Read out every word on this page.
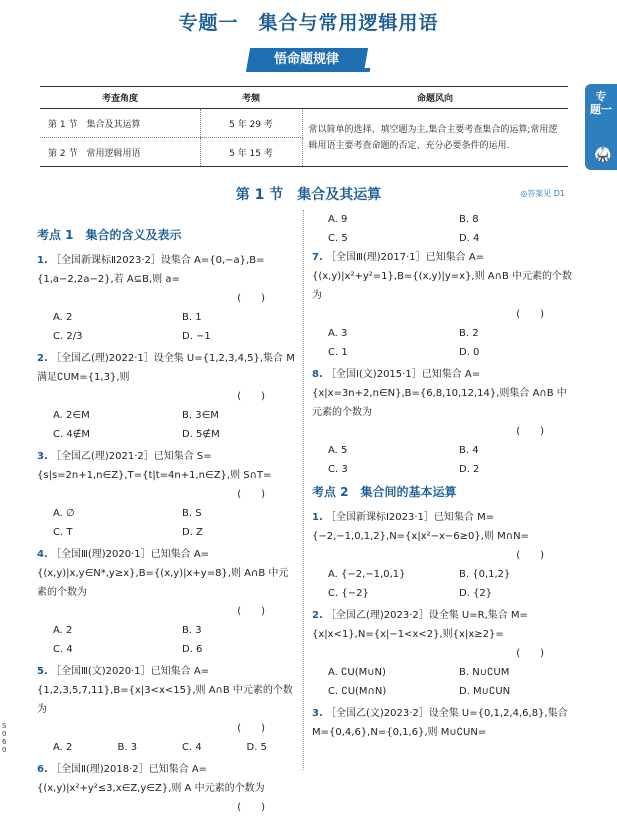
专题一　集合与常用逻辑用语
悟命题规律
专
题一
🥋
考查角度	考频	命题风向
第 1 节　集合及其运算	5 年 29 考	常以简单的选择、填空题为主,集合主要考查集合的运算;常用逻辑用语主要考查命题的否定、充分必要条件的运用.
第 2 节　常用逻辑用语	5 年 15 考	
第 1 节　集合及其运算	◎答案见 D1
考点 1　集合的含义及表示
1. ［全国新课标Ⅱ2023·2］设集合 A={0,−a},B={1,a−2,2a−2},若 A⊆B,则 a=
(　　)
A. 2	B. 1
C. 2/3	D. −1
2. ［全国乙(理)2022·1］设全集 U={1,2,3,4,5},集合 M 满足∁UM={1,3},则
(　　)
A. 2∈M	B. 3∈M
C. 4∉M	D. 5∉M
3. ［全国乙(理)2021·2］已知集合 S={s|s=2n+1,n∈Z},T={t|t=4n+1,n∈Z},则 S∩T=
(　　)
A. ∅	B. S
C. T	D. Z
4. ［全国Ⅲ(理)2020·1］已知集合 A={(x,y)|x,y∈N*,y≥x},B={(x,y)|x+y=8},则 A∩B 中元素的个数为
(　　)
A. 2	B. 3
C. 4	D. 6
5. ［全国Ⅲ(文)2020·1］已知集合 A={1,2,3,5,7,11},B={x|3<x<15},则 A∩B 中元素的个数为
(　　)
A. 2	B. 3	C. 4	D. 5
6. ［全国Ⅱ(理)2018·2］已知集合 A={(x,y)|x²+y²≤3,x∈Z,y∈Z},则 A 中元素的个数为
(　　)
A. 9	B. 8
C. 5	D. 4
7. ［全国Ⅲ(理)2017·1］已知集合 A={(x,y)|x²+y²=1},B={(x,y)|y=x},则 A∩B 中元素的个数为
(　　)
A. 3	B. 2
C. 1	D. 0
8. ［全国Ⅰ(文)2015·1］已知集合 A={x|x=3n+2,n∈N},B={6,8,10,12,14},则集合 A∩B 中元素的个数为
(　　)
A. 5	B. 4
C. 3	D. 2
考点 2　集合间的基本运算
1. ［全国新课标Ⅰ2023·1］已知集合 M={−2,−1,0,1,2},N={x|x²−x−6≥0},则 M∩N=
(　　)
A. {−2,−1,0,1}	B. {0,1,2}
C. {−2}	D. {2}
2. ［全国乙(理)2023·2］设全集 U=R,集合 M={x|x<1},N={x|−1<x<2},则{x|x≥2}=
(　　)
A. ∁U(M∪N)	B. N∪∁UM
C. ∁U(M∩N)	D. M∪∁UN
3. ［全国乙(文)2023·2］设全集 U={0,1,2,4,6,8},集合 M={0,4,6},N={0,1,6},则 M∪∁UN=
S060
